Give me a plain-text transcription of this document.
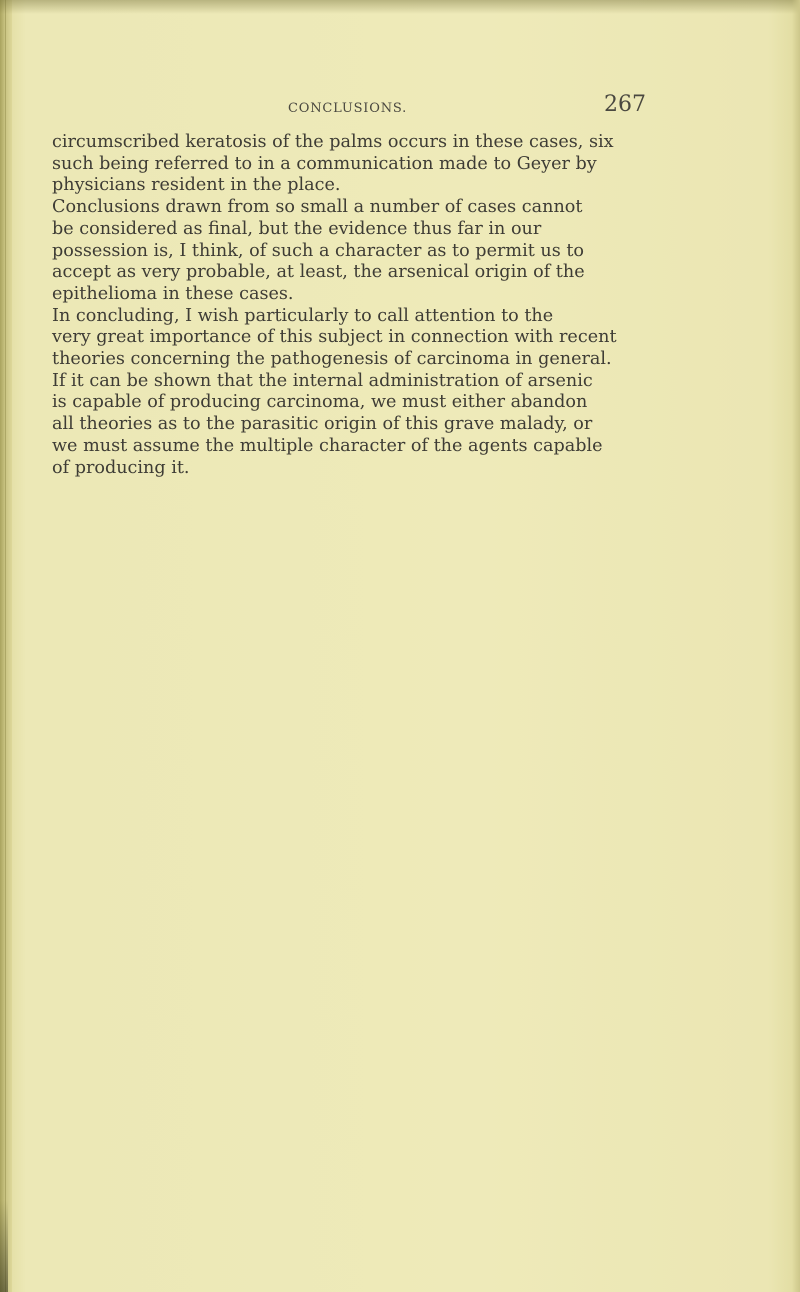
CONCLUSIONS.	267
circumscribed keratosis of the palms occurs in these cases, six
such being referred to in a communication made to Geyer by
physicians resident in the place.
Conclusions drawn from so small a number of cases cannot
be considered as final, but the evidence thus far in our
possession is, I think, of such a character as to permit us to
accept as very probable, at least, the arsenical origin of the
epithelioma in these cases.
In concluding, I wish particularly to call attention to the
very great importance of this subject in connection with recent
theories concerning the pathogenesis of carcinoma in general.
If it can be shown that the internal administration of arsenic
is capable of producing carcinoma, we must either abandon
all theories as to the parasitic origin of this grave malady, or
we must assume the multiple character of the agents capable
of producing it.
